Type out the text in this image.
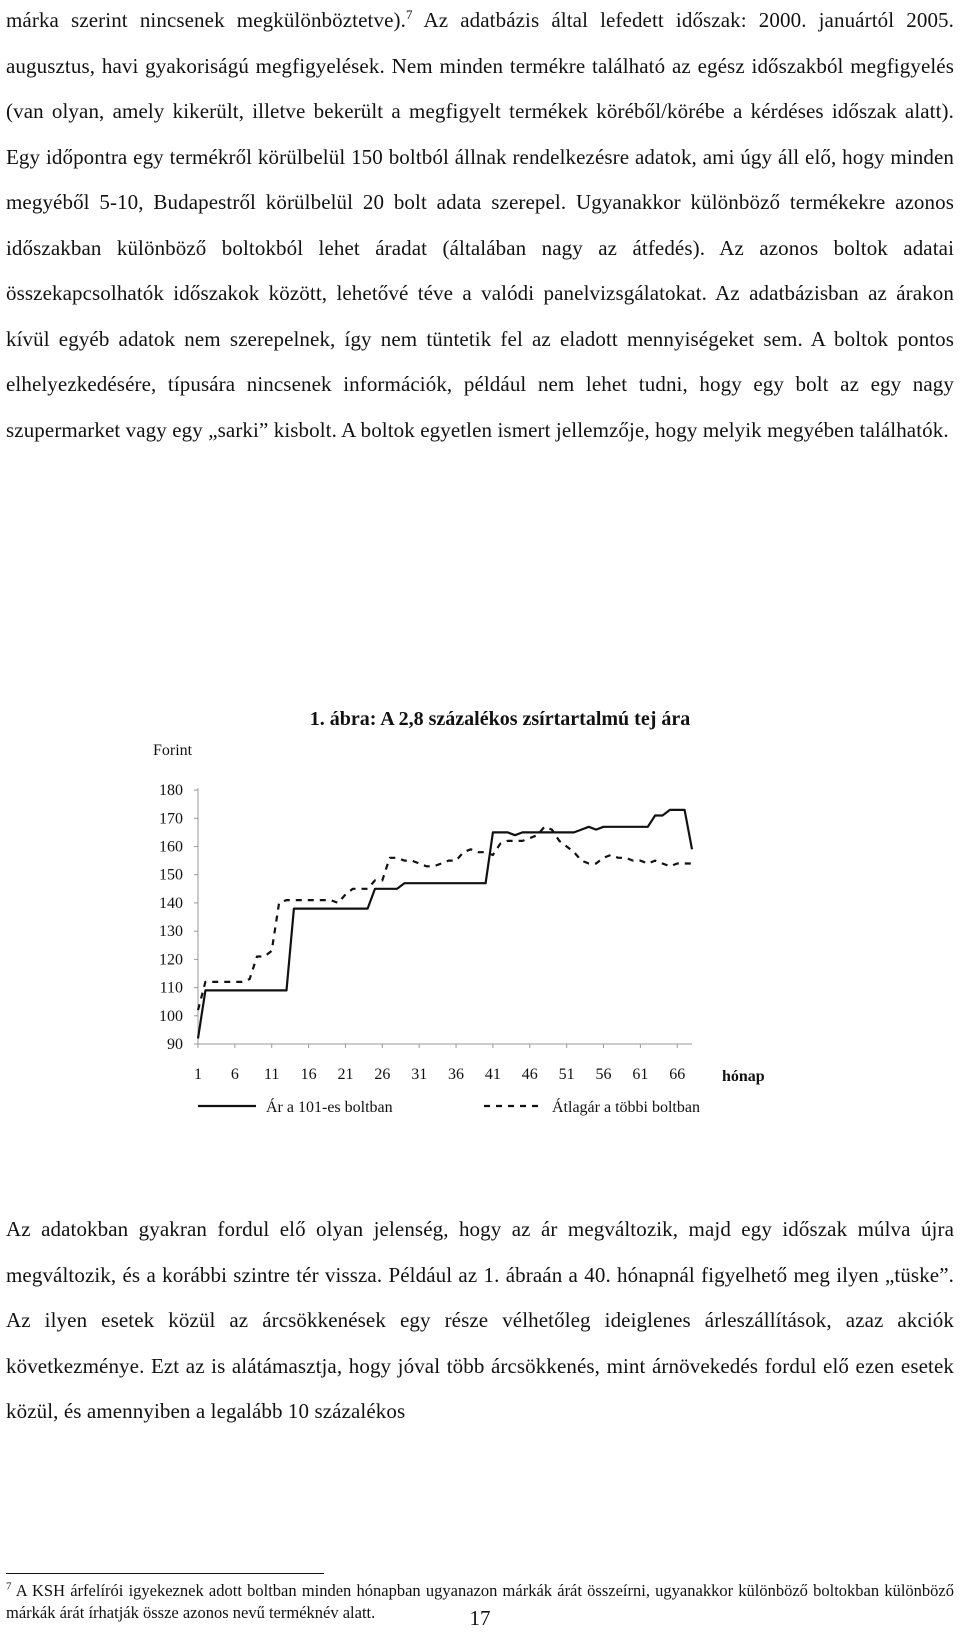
márka szerint nincsenek megkülönböztetve).$^7$ Az adatbázis által lefedett időszak: 2000. januártól 2005. augusztus, havi gyakoriságú megfigyelések. Nem minden termékre található az egész időszakból megfigyelés (van olyan, amely kikerült, illetve bekerült a megfigyelt termékek köréből/körébe a kérdéses időszak alatt). Egy időpontra egy termékről körülbelül 150 boltból állnak rendelkezésre adatok, ami úgy áll elő, hogy minden megyéből 5-10, Budapestről körülbelül 20 bolt adata szerepel. Ugyanakkor különböző termékekre azonos időszakban különböző boltokból lehet áradat (általában nagy az átfedés). Az azonos boltok adatai összekapcsolhatók időszakok között, lehetővé téve a valódi panelvizsgálatokat. Az adatbázisban az árakon kívül egyéb adatok nem szerepelnek, így nem tüntetik fel az eladott mennyiségeket sem. A boltok pontos elhelyezkedésére, típusára nincsenek információk, például nem lehet tudni, hogy egy bolt az egy nagy szupermarket vagy egy „sarki” kisbolt. A boltok egyetlen ismert jellemzője, hogy melyik megyében találhatók.

1. ábra: A 2,8 százalékos zsírtartalmú tej ára
Forint
90
100
110
120
130
140
150
160
170
180
1 6 11 16 21 26 31 36 41 46 51 56 61 66 hónap
Ár a 101-es boltban	Átlagár a többi boltban

Az adatokban gyakran fordul elő olyan jelenség, hogy az ár megváltozik, majd egy időszak múlva újra megváltozik, és a korábbi szintre tér vissza. Például az 1. ábraán a 40. hónapnál figyelhető meg ilyen „tüske”. Az ilyen esetek közül az árcsökkenések egy része vélhetőleg ideiglenes árleszállítások, azaz akciók következménye. Ezt az is alátámasztja, hogy jóval több árcsökkenés, mint árnövekedés fordul elő ezen esetek közül, és amennyiben a legalább 10 százalékos

$^7$ A KSH árfelírói igyekeznek adott boltban minden hónapban ugyanazon márkák árát összeírni, ugyanakkor különböző boltokban különböző márkák árát írhatják össze azonos nevű terméknév alatt.	17
